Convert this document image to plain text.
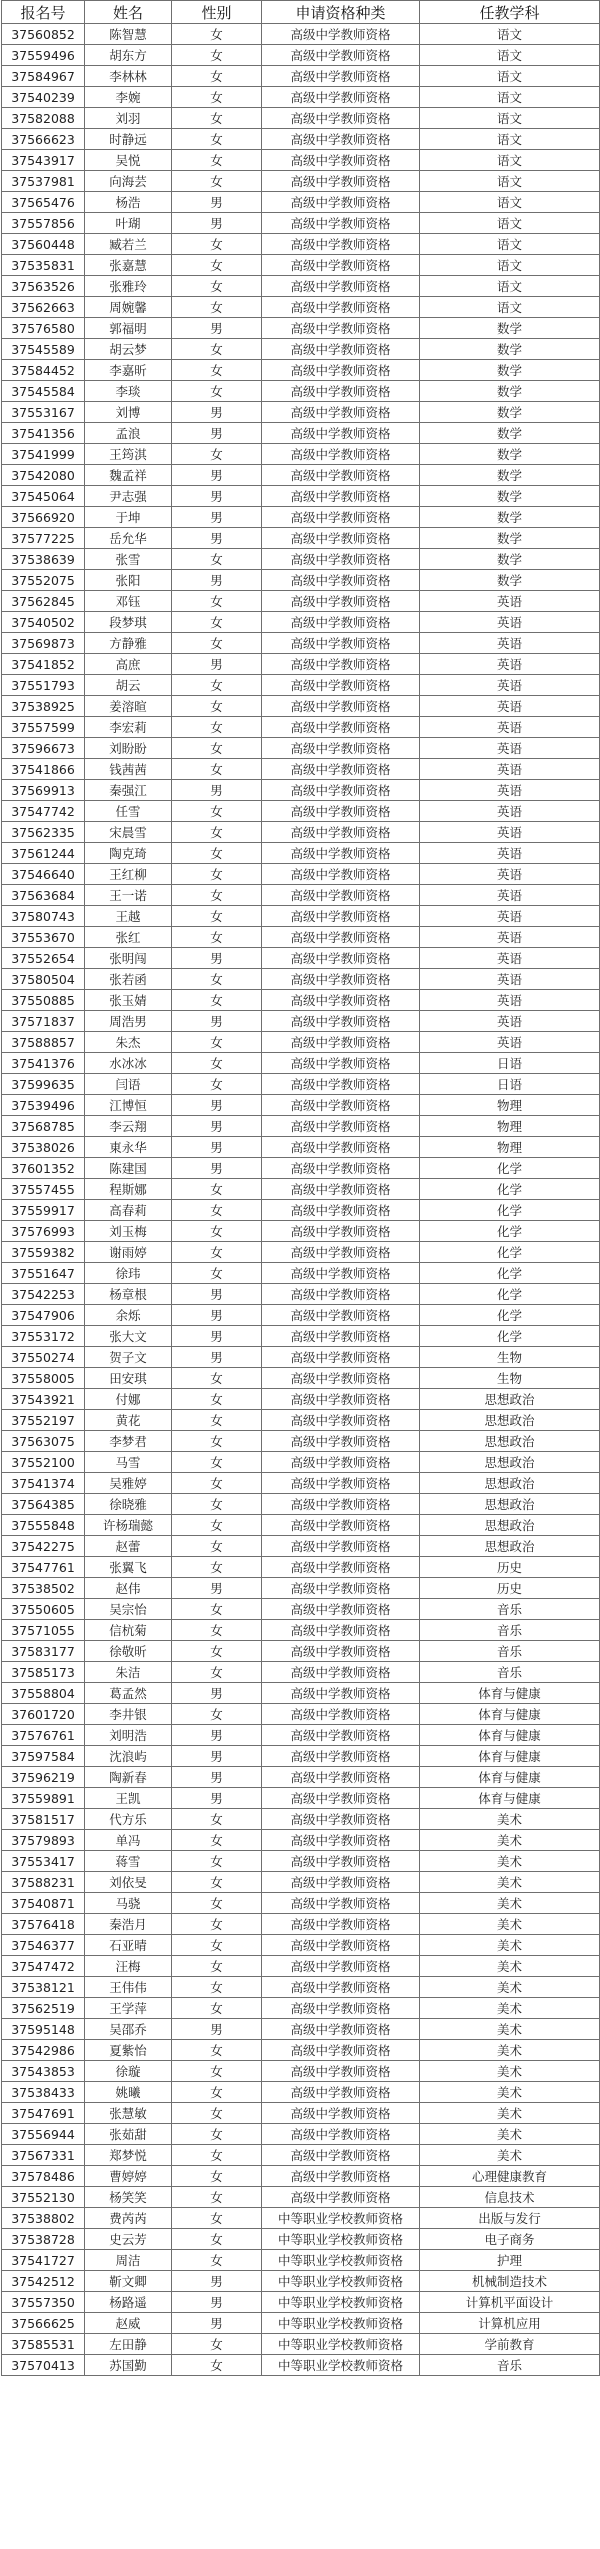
报名号	姓名	性别	申请资格种类	任教学科
37560852	陈智慧	女	高级中学教师资格	语文
37559496	胡东方	女	高级中学教师资格	语文
37584967	李林林	女	高级中学教师资格	语文
37540239	李婉	女	高级中学教师资格	语文
37582088	刘羽	女	高级中学教师资格	语文
37566623	时静远	女	高级中学教师资格	语文
37543917	吴悦	女	高级中学教师资格	语文
37537981	向海芸	女	高级中学教师资格	语文
37565476	杨浩	男	高级中学教师资格	语文
37557856	叶瑚	男	高级中学教师资格	语文
37560448	臧若兰	女	高级中学教师资格	语文
37535831	张嘉慧	女	高级中学教师资格	语文
37563526	张雅玲	女	高级中学教师资格	语文
37562663	周婉馨	女	高级中学教师资格	语文
37576580	郭福明	男	高级中学教师资格	数学
37545589	胡云梦	女	高级中学教师资格	数学
37584452	李嘉昕	女	高级中学教师资格	数学
37545584	李琰	女	高级中学教师资格	数学
37553167	刘博	男	高级中学教师资格	数学
37541356	孟浪	男	高级中学教师资格	数学
37541999	王筠淇	女	高级中学教师资格	数学
37542080	魏孟祥	男	高级中学教师资格	数学
37545064	尹志强	男	高级中学教师资格	数学
37566920	于坤	男	高级中学教师资格	数学
37577225	岳允华	男	高级中学教师资格	数学
37538639	张雪	女	高级中学教师资格	数学
37552075	张阳	男	高级中学教师资格	数学
37562845	邓钰	女	高级中学教师资格	英语
37540502	段梦琪	女	高级中学教师资格	英语
37569873	方静雅	女	高级中学教师资格	英语
37541852	高庶	男	高级中学教师资格	英语
37551793	胡云	女	高级中学教师资格	英语
37538925	姜溶暄	女	高级中学教师资格	英语
37557599	李宏莉	女	高级中学教师资格	英语
37596673	刘盼盼	女	高级中学教师资格	英语
37541866	钱茜茜	女	高级中学教师资格	英语
37569913	秦强江	男	高级中学教师资格	英语
37547742	任雪	女	高级中学教师资格	英语
37562335	宋晨雪	女	高级中学教师资格	英语
37561244	陶克琦	女	高级中学教师资格	英语
37546640	王红柳	女	高级中学教师资格	英语
37563684	王一诺	女	高级中学教师资格	英语
37580743	王越	女	高级中学教师资格	英语
37553670	张红	女	高级中学教师资格	英语
37552654	张明闯	男	高级中学教师资格	英语
37580504	张若函	女	高级中学教师资格	英语
37550885	张玉婧	女	高级中学教师资格	英语
37571837	周浩男	男	高级中学教师资格	英语
37588857	朱杰	女	高级中学教师资格	英语
37541376	水冰冰	女	高级中学教师资格	日语
37599635	闫语	女	高级中学教师资格	日语
37539496	江博恒	男	高级中学教师资格	物理
37568785	李云翔	男	高级中学教师资格	物理
37538026	東永华	男	高级中学教师资格	物理
37601352	陈建国	男	高级中学教师资格	化学
37557455	程斯娜	女	高级中学教师资格	化学
37559917	高春莉	女	高级中学教师资格	化学
37576993	刘玉梅	女	高级中学教师资格	化学
37559382	谢雨婷	女	高级中学教师资格	化学
37551647	徐玮	女	高级中学教师资格	化学
37542253	杨章根	男	高级中学教师资格	化学
37547906	余烁	男	高级中学教师资格	化学
37553172	张大文	男	高级中学教师资格	化学
37550274	贺子文	男	高级中学教师资格	生物
37558005	田安琪	女	高级中学教师资格	生物
37543921	付娜	女	高级中学教师资格	思想政治
37552197	黄花	女	高级中学教师资格	思想政治
37563075	李梦君	女	高级中学教师资格	思想政治
37552100	马雪	女	高级中学教师资格	思想政治
37541374	吴雅婷	女	高级中学教师资格	思想政治
37564385	徐晓雅	女	高级中学教师资格	思想政治
37555848	许杨瑞懿	女	高级中学教师资格	思想政治
37542275	赵蕾	女	高级中学教师资格	思想政治
37547761	张翼飞	女	高级中学教师资格	历史
37538502	赵伟	男	高级中学教师资格	历史
37550605	吴宗怡	女	高级中学教师资格	音乐
37571055	信杭菊	女	高级中学教师资格	音乐
37583177	徐敬昕	女	高级中学教师资格	音乐
37585173	朱洁	女	高级中学教师资格	音乐
37558804	葛孟然	男	高级中学教师资格	体育与健康
37601720	李井银	女	高级中学教师资格	体育与健康
37576761	刘明浩	男	高级中学教师资格	体育与健康
37597584	沈浪屿	男	高级中学教师资格	体育与健康
37596219	陶新春	男	高级中学教师资格	体育与健康
37559891	王凯	男	高级中学教师资格	体育与健康
37581517	代方乐	女	高级中学教师资格	美术
37579893	单冯	女	高级中学教师资格	美术
37553417	蒋雪	女	高级中学教师资格	美术
37588231	刘依旻	女	高级中学教师资格	美术
37540871	马骁	女	高级中学教师资格	美术
37576418	秦浩月	女	高级中学教师资格	美术
37546377	石亚晴	女	高级中学教师资格	美术
37547472	汪梅	女	高级中学教师资格	美术
37538121	王伟伟	女	高级中学教师资格	美术
37562519	王学萍	女	高级中学教师资格	美术
37595148	吴邵乔	男	高级中学教师资格	美术
37542986	夏紫怡	女	高级中学教师资格	美术
37543853	徐璇	女	高级中学教师资格	美术
37538433	姚曦	女	高级中学教师资格	美术
37547691	张慧敏	女	高级中学教师资格	美术
37556944	张茹甜	女	高级中学教师资格	美术
37567331	郑梦悦	女	高级中学教师资格	美术
37578486	曹婷婷	女	高级中学教师资格	心理健康教育
37552130	杨笑笑	女	高级中学教师资格	信息技术
37538802	费芮芮	女	中等职业学校教师资格	出版与发行
37538728	史云芳	女	中等职业学校教师资格	电子商务
37541727	周洁	女	中等职业学校教师资格	护理
37542512	靳文卿	男	中等职业学校教师资格	机械制造技术
37557350	杨路遥	男	中等职业学校教师资格	计算机平面设计
37566625	赵威	男	中等职业学校教师资格	计算机应用
37585531	左田静	女	中等职业学校教师资格	学前教育
37570413	苏国勤	女	中等职业学校教师资格	音乐
